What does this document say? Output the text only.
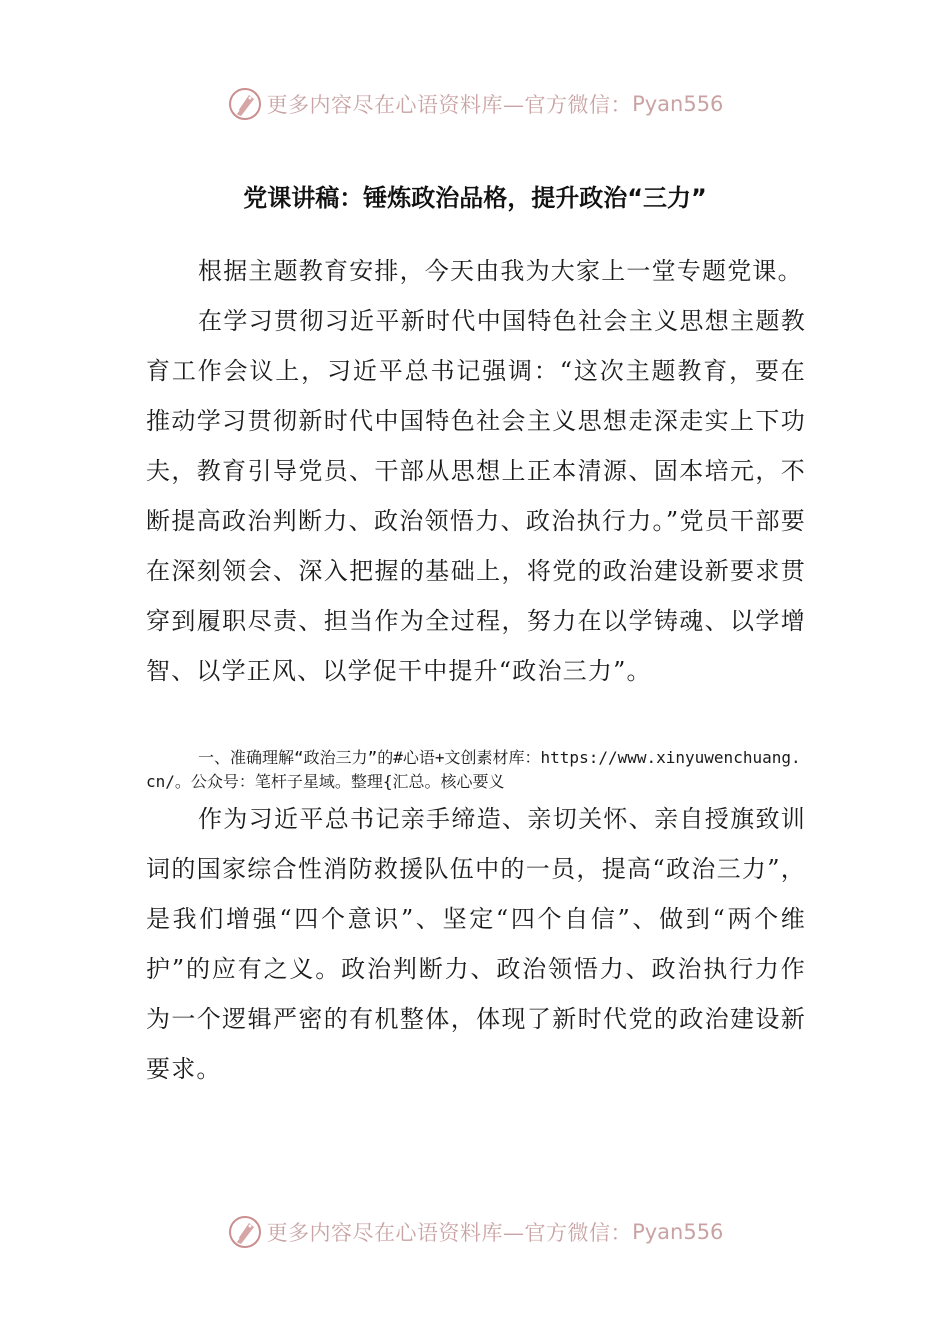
更多内容尽在心语资料库—官方微信： Pyan556
党课讲稿：锤炼政治品格，提升政治“三力”

根据主题教育安排，今天由我为大家上一堂专题党课。

在学习贯彻习近平新时代中国特色社会主义思想主题教育工作会议上，习近平总书记强调：“这次主题教育，要在推动学习贯彻新时代中国特色社会主义思想走深走实上下功夫，教育引导党员、干部从思想上正本清源、固本培元，不断提高政治判断力、政治领悟力、政治执行力。”党员干部要在深刻领会、深入把握的基础上，将党的政治建设新要求贯穿到履职尽责、担当作为全过程，努力在以学铸魂、以学增智、以学正风、以学促干中提升“政治三力”。

一、准确理解“政治三力”的#心语+文创素材库：https://www.xinyuwenchuang.cn/。公众号：笔杆子星域。整理{汇总。核心要义

作为习近平总书记亲手缔造、亲切关怀、亲自授旗致训词的国家综合性消防救援队伍中的一员，提高“政治三力”，是我们增强“四个意识”、坚定“四个自信”、做到“两个维护”的应有之义。政治判断力、政治领悟力、政治执行力作为一个逻辑严密的有机整体，体现了新时代党的政治建设新要求。

更多内容尽在心语资料库—官方微信： Pyan556
